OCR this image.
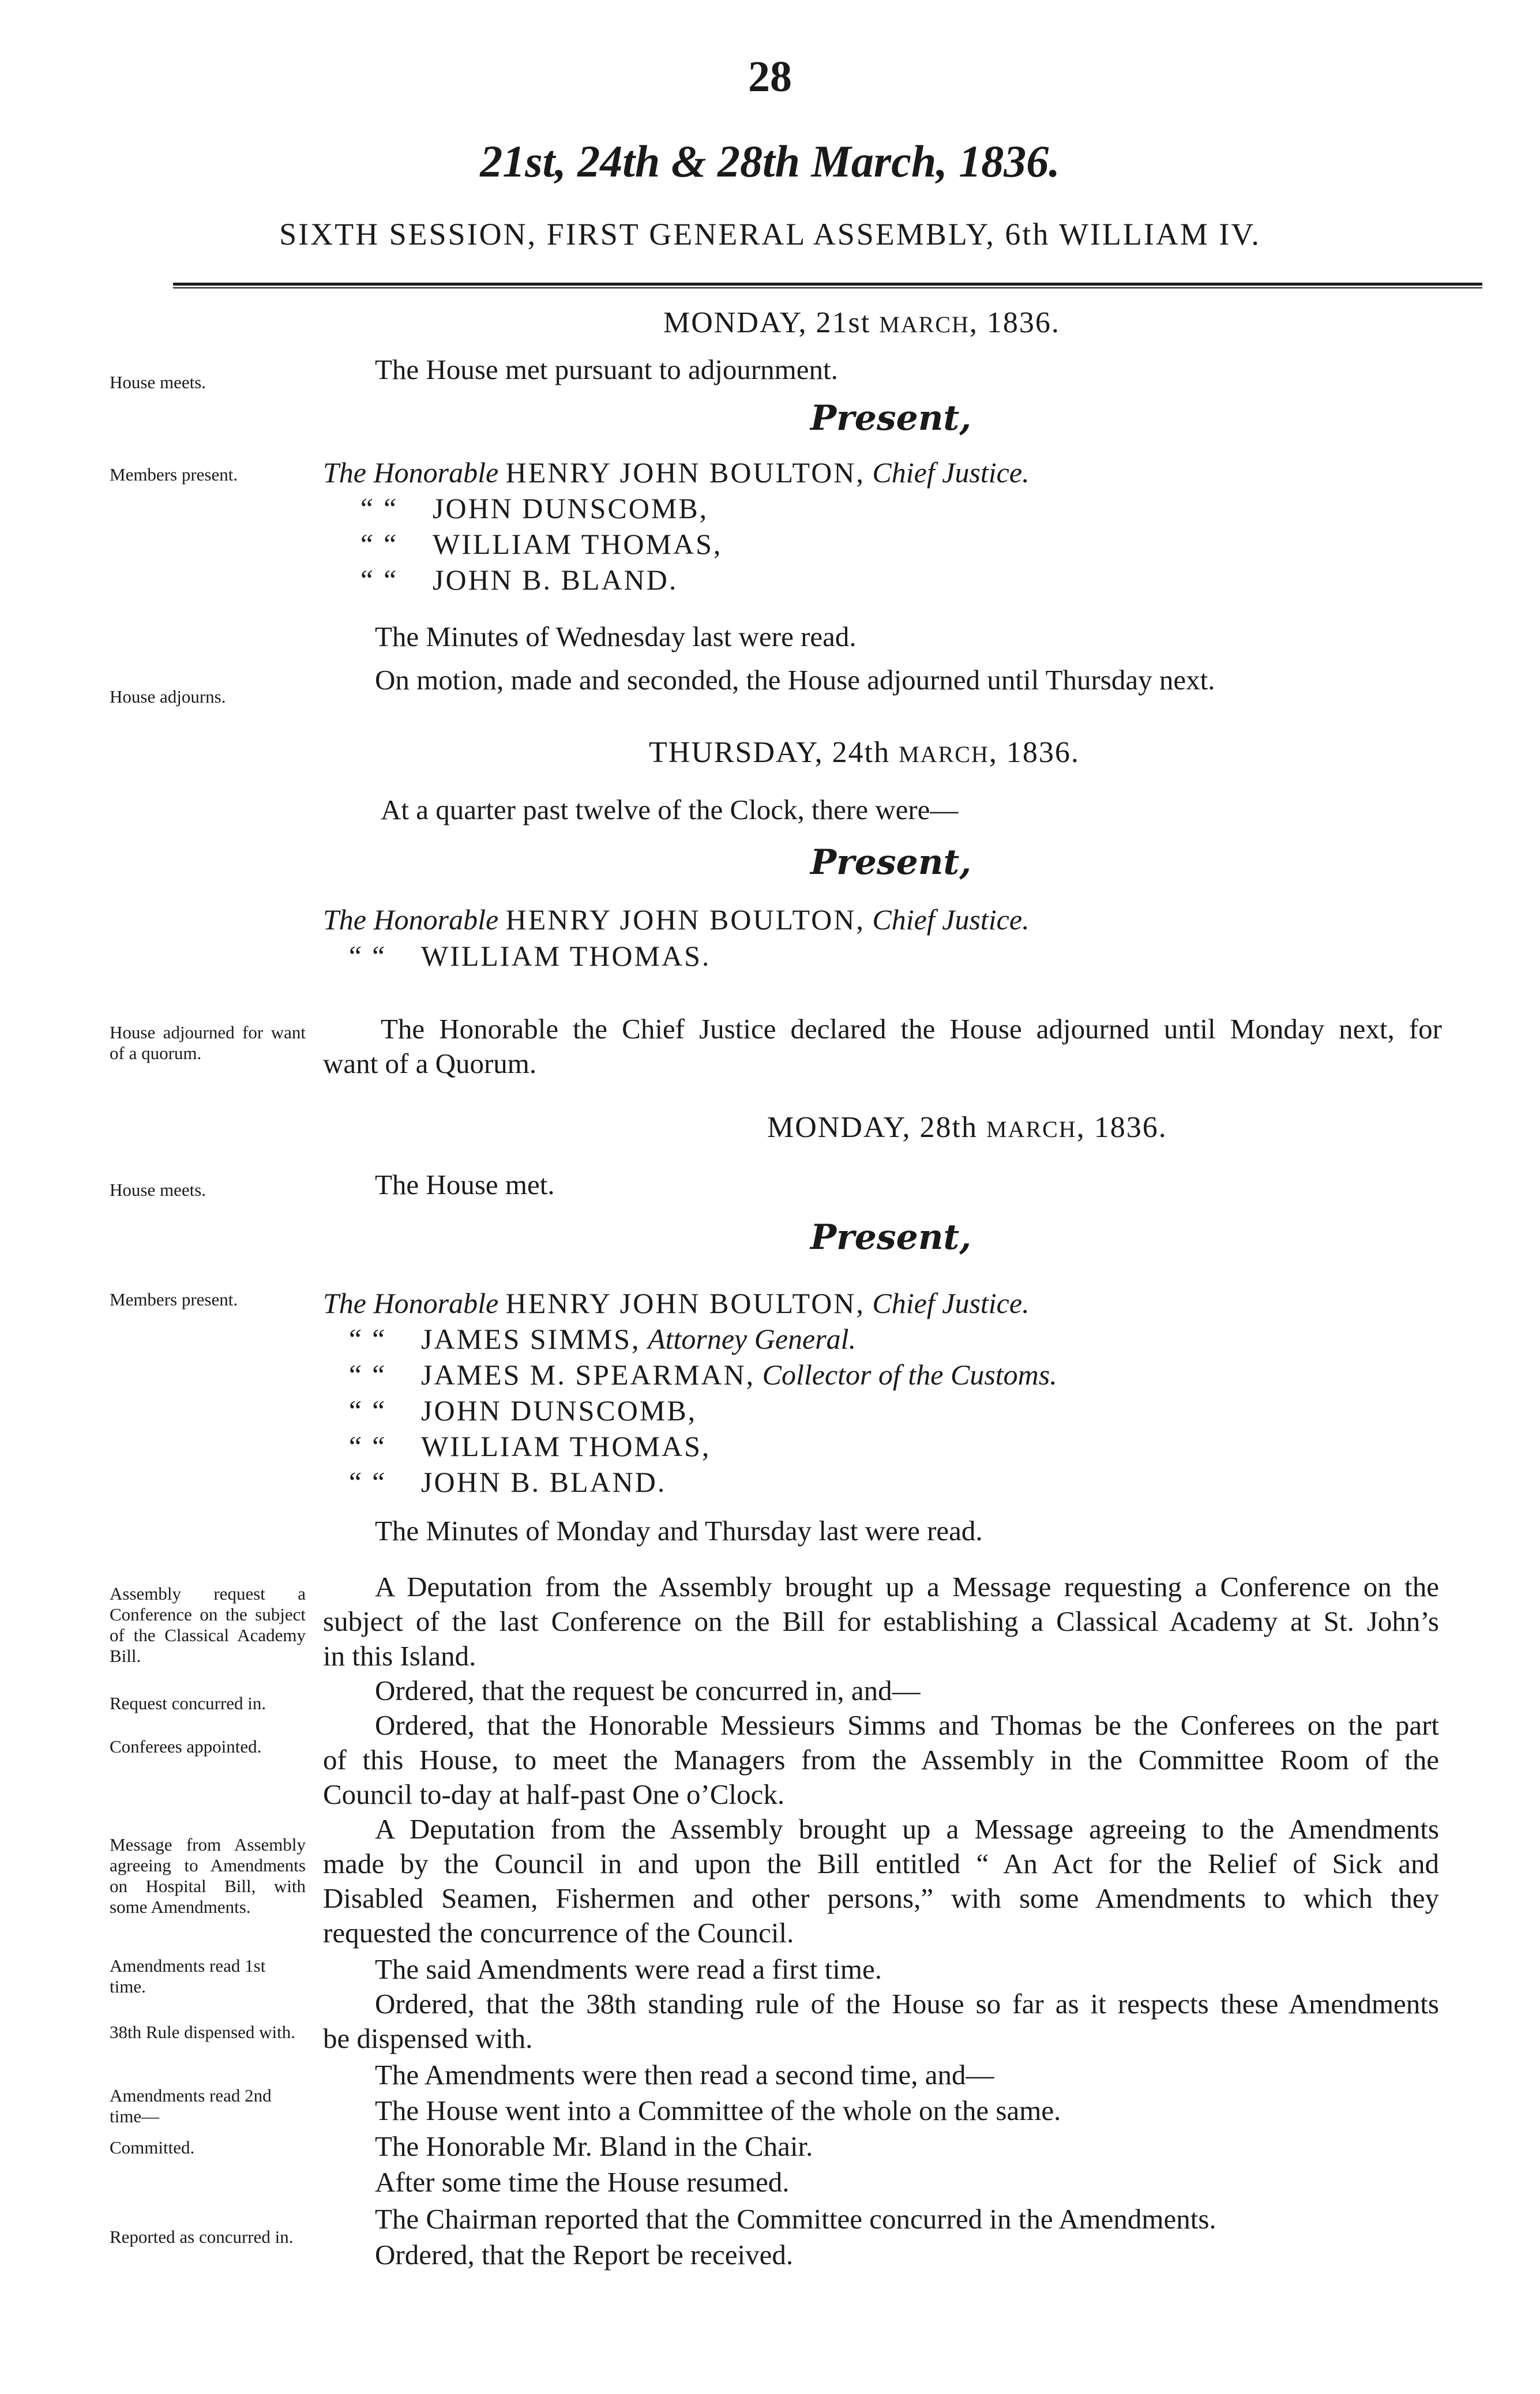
28
21st, 24th & 28th March, 1836.
SIXTH SESSION, FIRST GENERAL ASSEMBLY, 6th WILLIAM IV.
MONDAY, 21st MARCH, 1836.
The House met pursuant to adjournment.
Present,
The Honorable HENRY JOHN BOULTON, Chief Justice.
“ “ JOHN DUNSCOMB,
“ “ WILLIAM THOMAS,
“ “ JOHN B. BLAND.
The Minutes of Wednesday last were read.
On motion, made and seconded, the House adjourned until Thursday next.
THURSDAY, 24th MARCH, 1836.
At a quarter past twelve of the Clock, there were—
Present,
The Honorable HENRY JOHN BOULTON, Chief Justice.
“ “ WILLIAM THOMAS.
The Honorable the Chief Justice declared the House adjourned until Monday next, for
want of a Quorum.
MONDAY, 28th MARCH, 1836.
The House met.
Present,
The Honorable HENRY JOHN BOULTON, Chief Justice.
“ “ JAMES SIMMS, Attorney General.
“ “ JAMES M. SPEARMAN, Collector of the Customs.
“ “ JOHN DUNSCOMB,
“ “ WILLIAM THOMAS,
“ “ JOHN B. BLAND.
The Minutes of Monday and Thursday last were read.
A Deputation from the Assembly brought up a Message requesting a Conference on the
subject of the last Conference on the Bill for establishing a Classical Academy at St. John’s
in this Island.
Ordered, that the request be concurred in, and—
Ordered, that the Honorable Messieurs Simms and Thomas be the Conferees on the part
of this House, to meet the Managers from the Assembly in the Committee Room of the
Council to-day at half-past One o’Clock.
A Deputation from the Assembly brought up a Message agreeing to the Amendments
made by the Council in and upon the Bill entitled “ An Act for the Relief of Sick and
Disabled Seamen, Fishermen and other persons,” with some Amendments to which they
requested the concurrence of the Council.
The said Amendments were read a first time.
Ordered, that the 38th standing rule of the House so far as it respects these Amendments
be dispensed with.
The Amendments were then read a second time, and—
The House went into a Committee of the whole on the same.
The Honorable Mr. Bland in the Chair.
After some time the House resumed.
The Chairman reported that the Committee concurred in the Amendments.
Ordered, that the Report be received.
House meets.
Members present.
House adjourns.
House adjourned for want of a quorum.
House meets.
Members present.
Assembly request a Conference on the subject of the Classical Academy Bill.
Request concurred in.
Conferees appointed.
Message from Assembly agreeing to Amendments on Hospital Bill, with some Amendments.
Amendments read 1st time.
38th Rule dispensed with.
Amendments read 2nd time—
Committed.
Reported as concurred in.
